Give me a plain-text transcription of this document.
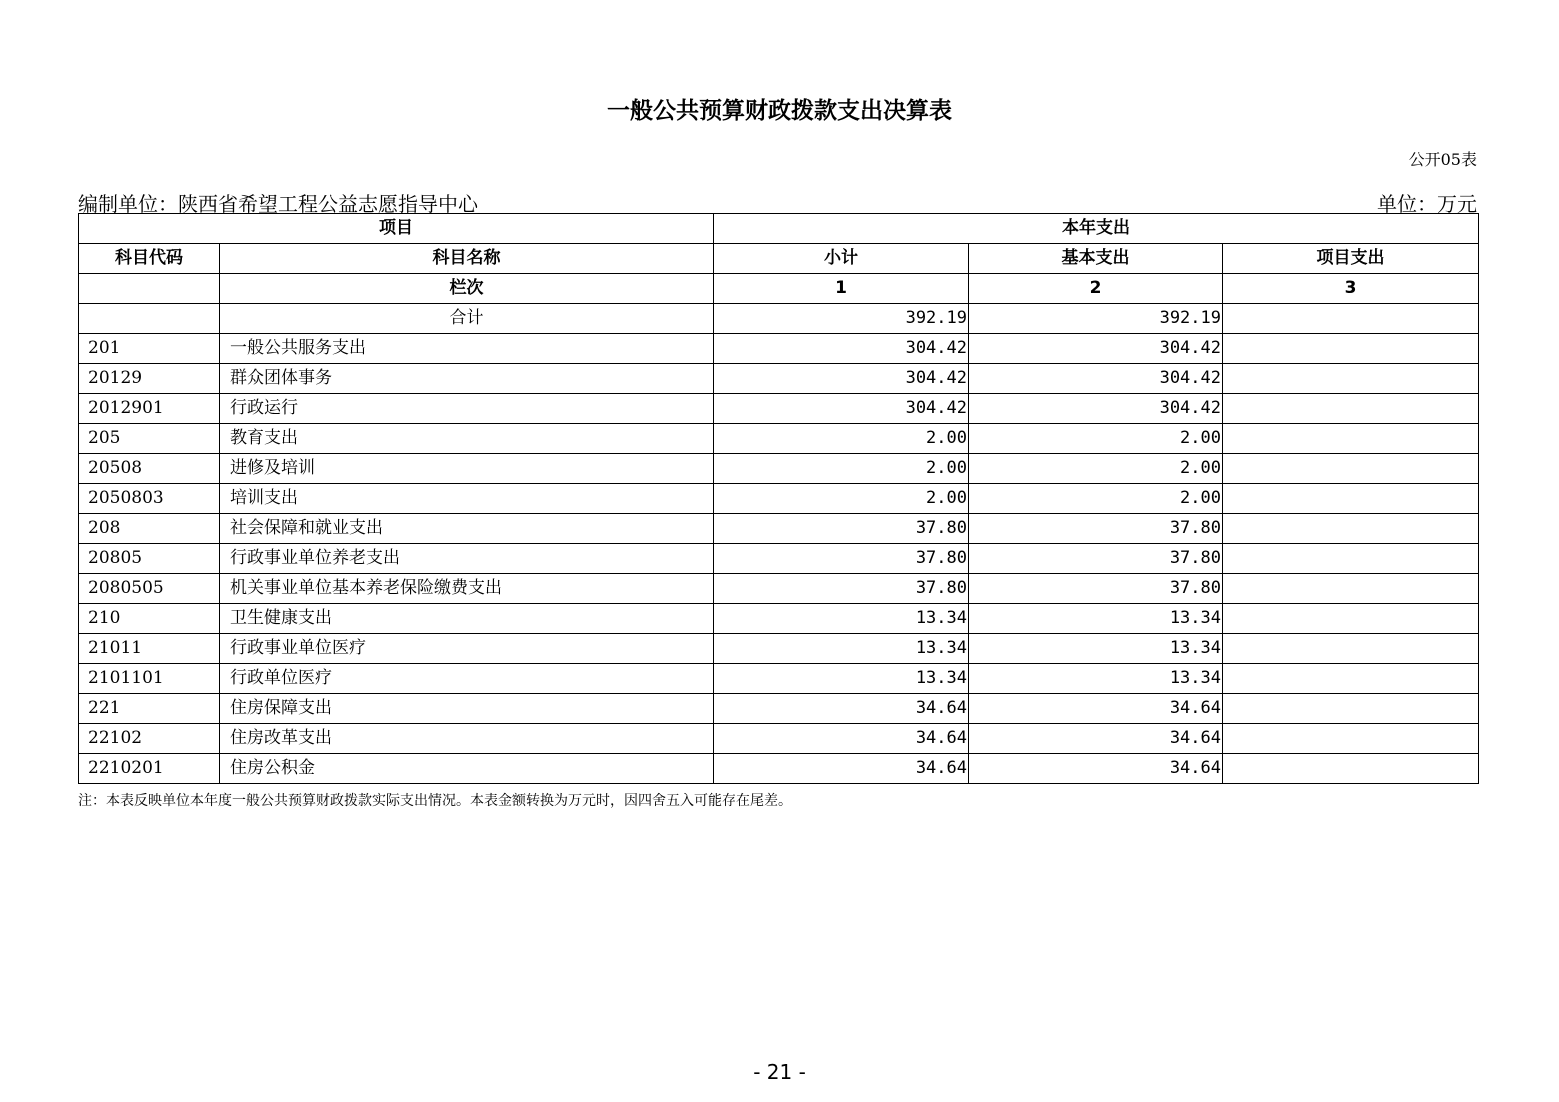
一般公共预算财政拨款支出决算表
公开05表
编制单位：陕西省希望工程公益志愿指导中心	单位：万元
项目		本年支出		
科目代码	科目名称	小计	基本支出	项目支出
	栏次	1	2	3
	合计	392.19	392.19	
201	一般公共服务支出	304.42	304.42	
20129	群众团体事务	304.42	304.42	
2012901	行政运行	304.42	304.42	
205	教育支出	2.00	2.00	
20508	进修及培训	2.00	2.00	
2050803	培训支出	2.00	2.00	
208	社会保障和就业支出	37.80	37.80	
20805	行政事业单位养老支出	37.80	37.80	
2080505	机关事业单位基本养老保险缴费支出	37.80	37.80	
210	卫生健康支出	13.34	13.34	
21011	行政事业单位医疗	13.34	13.34	
2101101	行政单位医疗	13.34	13.34	
221	住房保障支出	34.64	34.64	
22102	住房改革支出	34.64	34.64	
2210201	住房公积金	34.64	34.64	
注：本表反映单位本年度一般公共预算财政拨款实际支出情况。本表金额转换为万元时，因四舍五入可能存在尾差。
- 21 -
